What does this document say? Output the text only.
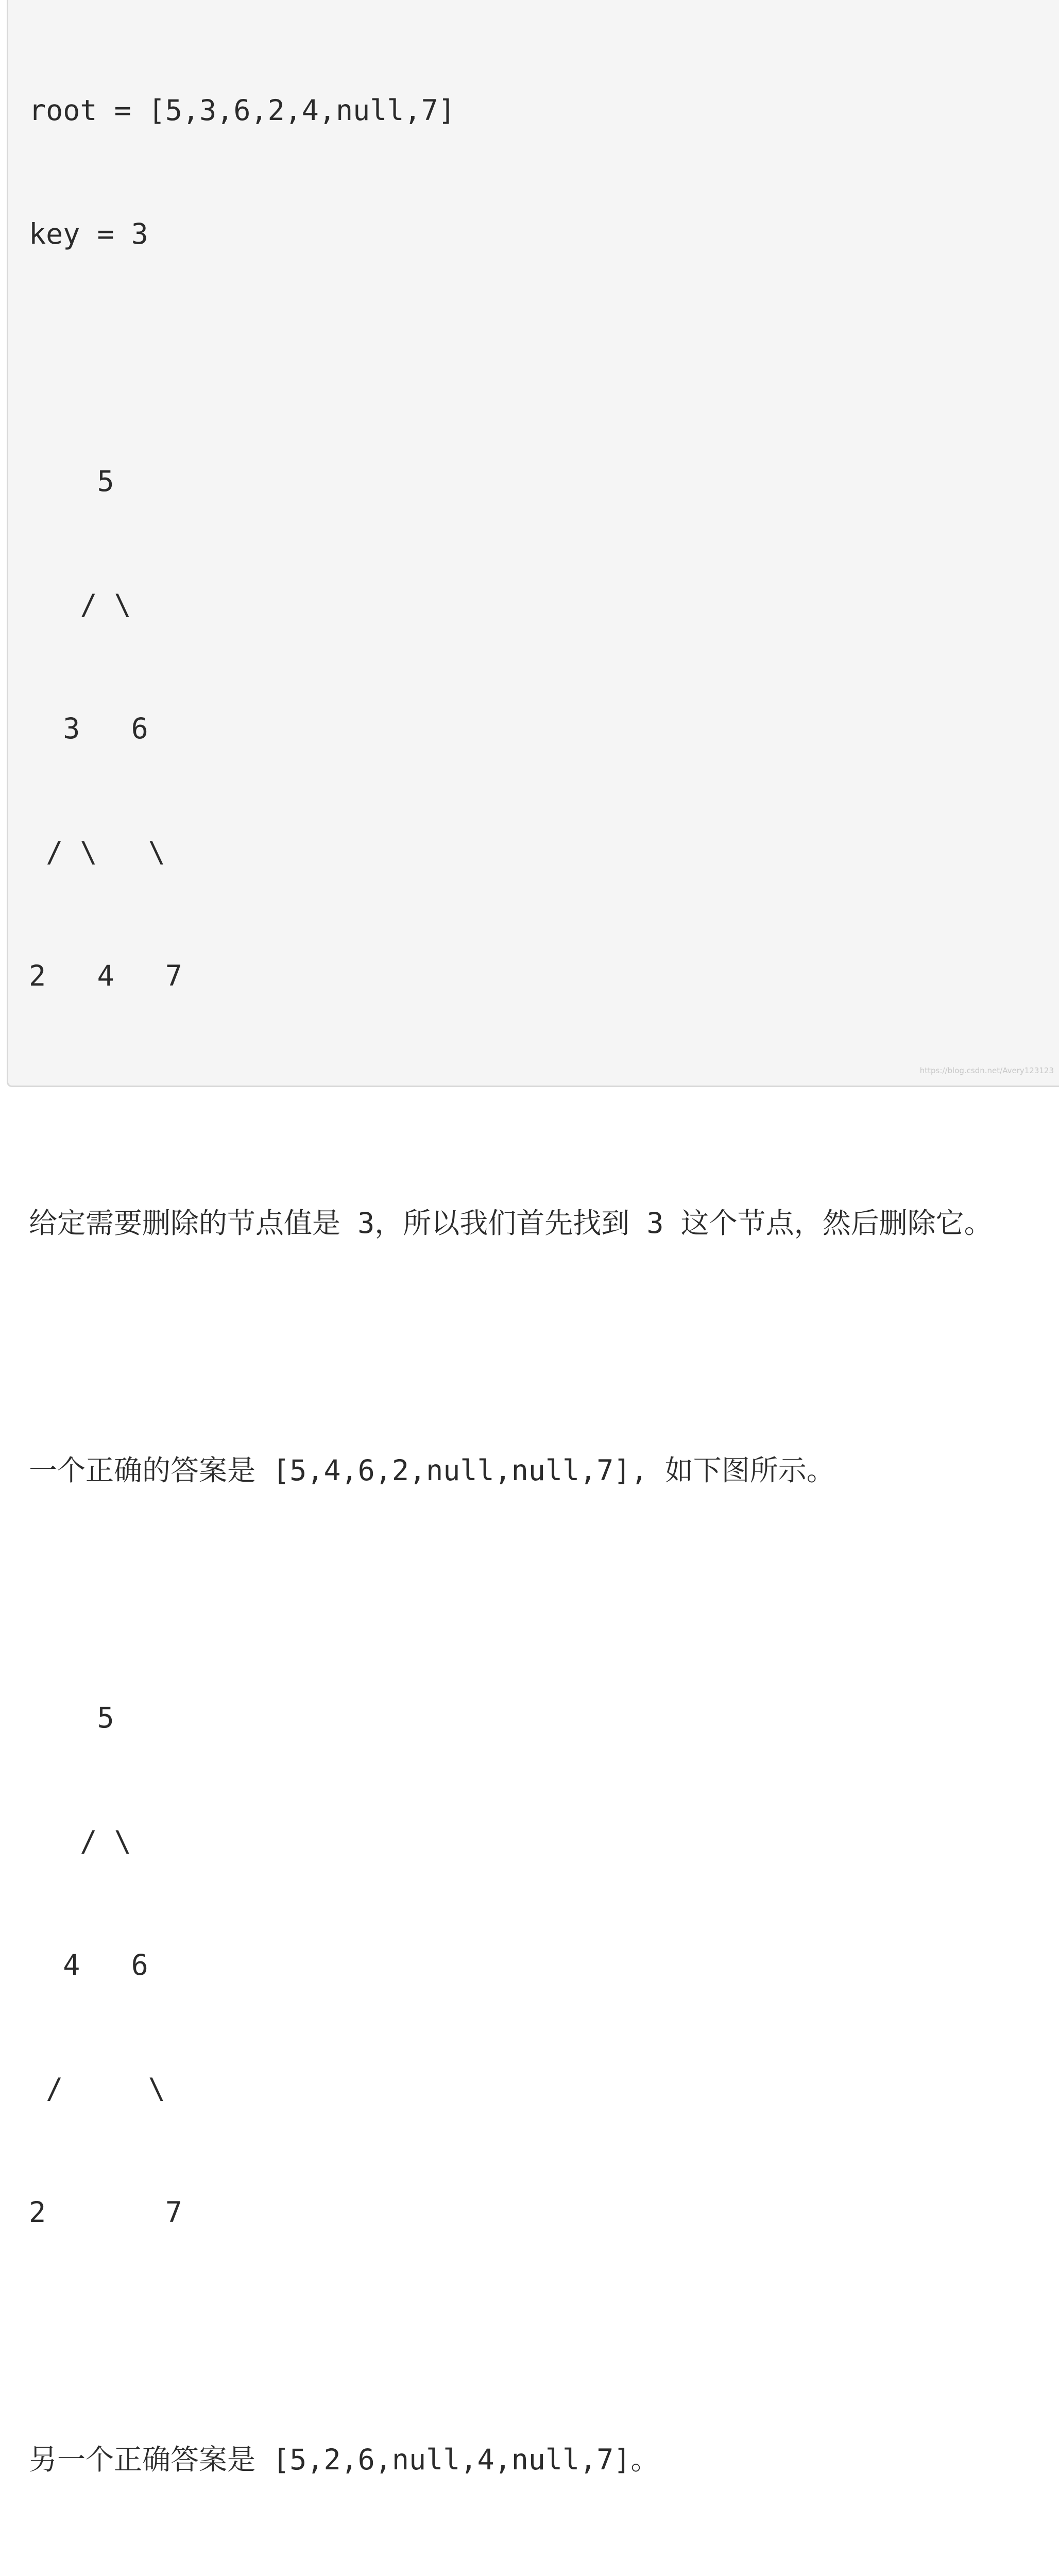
root = [5,3,6,2,4,null,7]

key = 3

5

/ \

3   6

/ \   \

2   4   7

给定需要删除的节点值是 3，所以我们首先找到 3 这个节点，然后删除它。

一个正确的答案是 [5,4,6,2,null,null,7], 如下图所示。

5

/ \

4   6

/     \

2       7

另一个正确答案是 [5,2,6,null,4,null,7]。

https://blog.csdn.net/Avery123123
